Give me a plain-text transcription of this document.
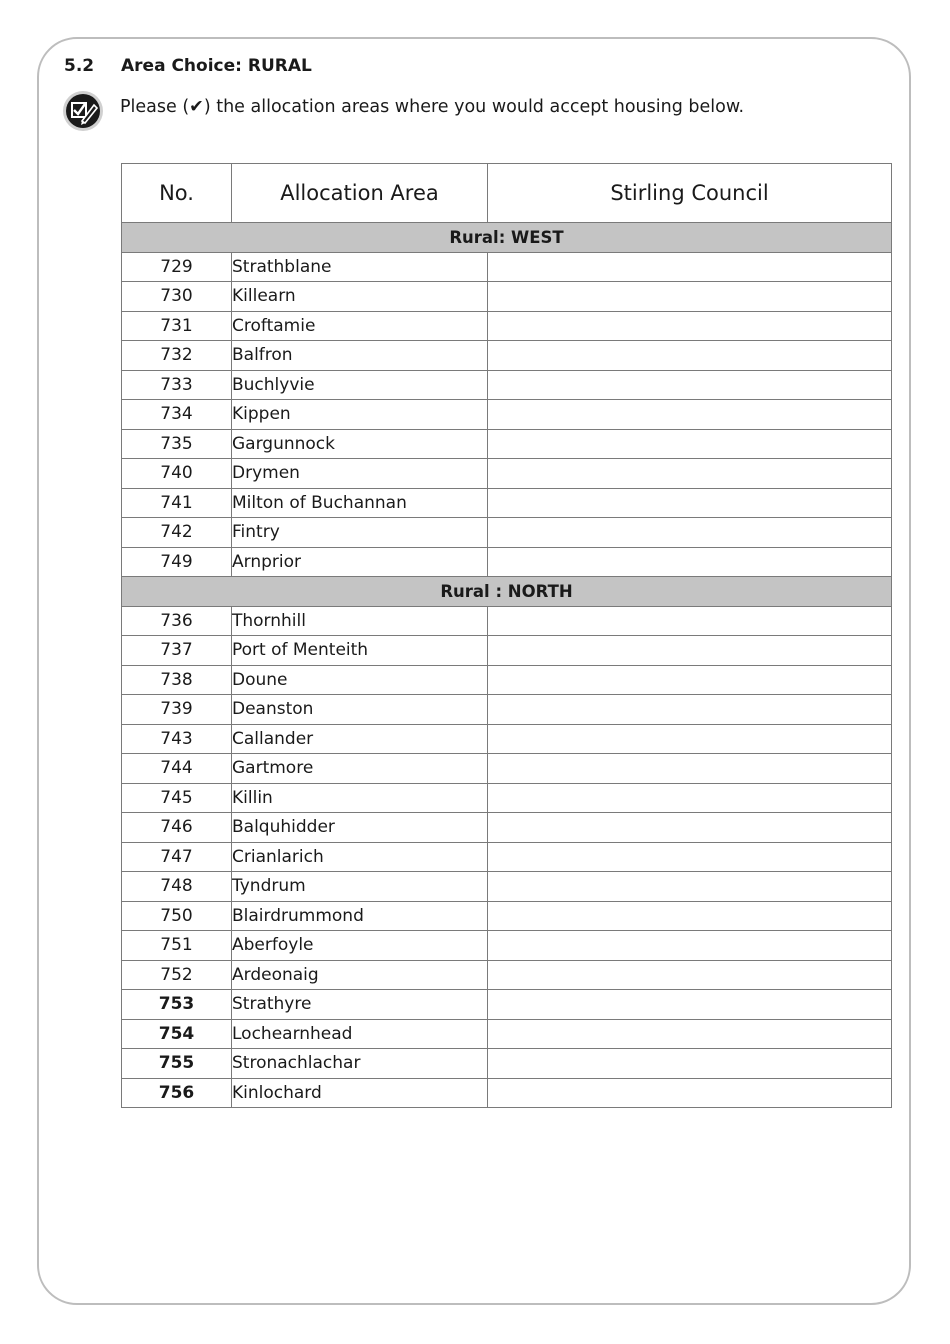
5.2	Area Choice: RURAL
Please (✔) the allocation areas where you would accept housing below.
No.	Allocation Area	Stirling Council
Rural: WEST		
729	Strathblane	
730	Killearn	
731	Croftamie	
732	Balfron	
733	Buchlyvie	
734	Kippen	
735	Gargunnock	
740	Drymen	
741	Milton of Buchannan	
742	Fintry	
749	Arnprior	
Rural : NORTH		
736	Thornhill	
737	Port of Menteith	
738	Doune	
739	Deanston	
743	Callander	
744	Gartmore	
745	Killin	
746	Balquhidder	
747	Crianlarich	
748	Tyndrum	
750	Blairdrummond	
751	Aberfoyle	
752	Ardeonaig	
753	Strathyre	
754	Lochearnhead	
755	Stronachlachar	
756	Kinlochard	
